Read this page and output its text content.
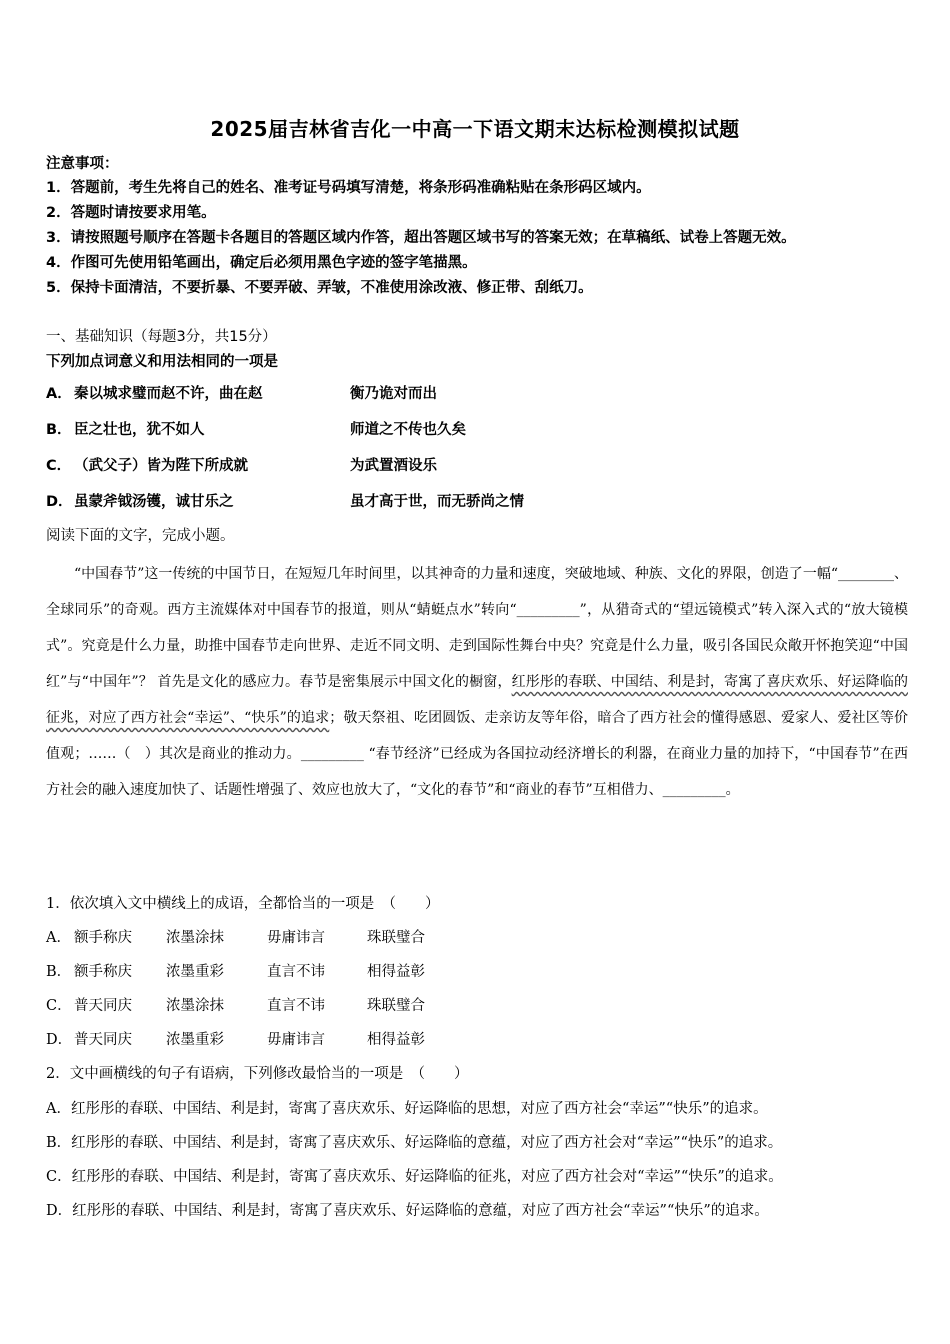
2025届吉林省吉化一中高一下语文期末达标检测模拟试题
注意事项：
1．答题前，考生先将自己的姓名、准考证号码填写清楚，将条形码准确粘贴在条形码区域内。
2．答题时请按要求用笔。
3．请按照题号顺序在答题卡各题目的答题区域内作答，超出答题区域书写的答案无效；在草稿纸、试卷上答题无效。
4．作图可先使用铅笔画出，确定后必须用黑色字迹的签字笔描黑。
5．保持卡面清洁，不要折暴、不要弄破、弄皱，不准使用涂改液、修正带、刮纸刀。
一、基础知识（每题3分，共15分）
下列加点词意义和用法相同的一项是
A． 秦以城求璧而赵不许，曲在赵	衡乃诡对而出
B． 臣之壮也，犹不如人	师道之不传也久矣
C． （武父子）皆为陛下所成就	为武置酒设乐
D． 虽蒙斧钺汤镬，诚甘乐之	虽才高于世，而无骄尚之情
阅读下面的文字，完成小题。

“中国春节”这一传统的中国节日，在短短几年时间里，以其神奇的力量和速度，突破地域、种族、文化的界限，创造了一幅“________、全球同乐”的奇观。西方主流媒体对中国春节的报道，则从“蜻蜓点水”转向“_________”，从猎奇式的“望远镜模式”转入深入式的“放大镜模式”。究竟是什么力量，助推中国春节走向世界、走近不同文明、走到国际性舞台中央？究竟是什么力量，吸引各国民众敞开怀抱笑迎“中国红”与“中国年”？ 首先是文化的感应力。春节是密集展示中国文化的橱窗，红彤彤的春联、中国结、利是封，寄寓了喜庆欢乐、好运降临的征兆，对应了西方社会“幸运”、“快乐”的追求；敬天祭祖、吃团圆饭、走亲访友等年俗，暗合了西方社会的懂得感恩、爱家人、爱社区等价值观；……（　）其次是商业的推动力。_________ “春节经济”已经成为各国拉动经济增长的利器，在商业力量的加持下，“中国春节”在西方社会的融入速度加快了、话题性增强了、效应也放大了，“文化的春节”和“商业的春节”互相借力、_________。

1．依次填入文中横线上的成语，全都恰当的一项是　（　　）
A． 额手称庆 浓墨涂抹	毋庸讳言	珠联璧合
B． 额手称庆 浓墨重彩	直言不讳	相得益彰
C． 普天同庆 浓墨涂抹	直言不讳	珠联璧合
D． 普天同庆 浓墨重彩	毋庸讳言	相得益彰
2．文中画横线的句子有语病，下列修改最恰当的一项是　（　　）
A．红彤彤的春联、中国结、利是封，寄寓了喜庆欢乐、好运降临的思想，对应了西方社会“幸运”“快乐”的追求。
B．红彤彤的春联、中国结、利是封，寄寓了喜庆欢乐、好运降临的意蕴，对应了西方社会对“幸运”“快乐”的追求。
C．红彤彤的春联、中国结、利是封，寄寓了喜庆欢乐、好运降临的征兆，对应了西方社会对“幸运”“快乐”的追求。
D．红彤彤的春联、中国结、利是封，寄寓了喜庆欢乐、好运降临的意蕴，对应了西方社会“幸运”“快乐”的追求。
